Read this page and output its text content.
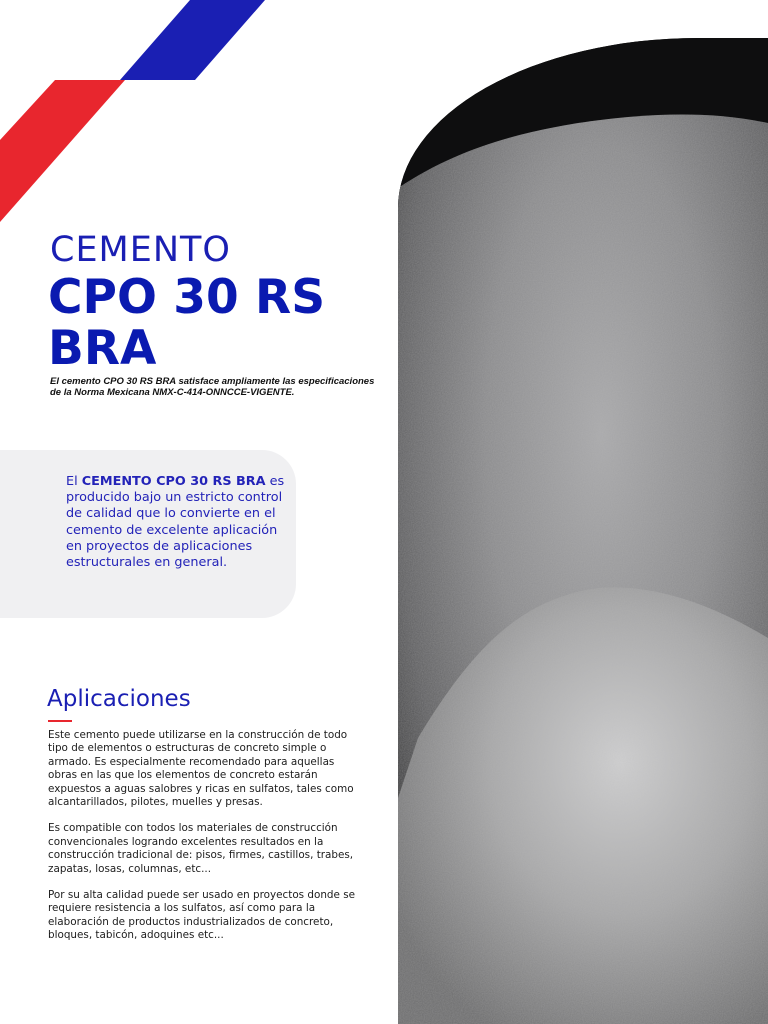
CEMENTO
CPO 30 RS BRA
El cemento CPO 30 RS BRA satisface ampliamente las especificaciones de la Norma Mexicana NMX-C-414-ONNCCE-VIGENTE.
El CEMENTO CPO 30 RS BRA es producido bajo un estricto control de calidad que lo convierte en el cemento de excelente aplicación en proyectos de aplicaciones estructurales en general.
Aplicaciones

Este cemento puede utilizarse en la construcción de todo tipo de elementos o estructuras de concreto simple o armado. Es especialmente recomendado para aquellas obras en las que los elementos de concreto estarán expuestos a aguas salobres y ricas en sulfatos, tales como alcantarillados, pilotes, muelles y presas.

Es compatible con todos los materiales de construcción convencionales logrando excelentes resultados en la construcción tradicional de: pisos, firmes, castillos, trabes, zapatas, losas, columnas, etc...

Por su alta calidad puede ser usado en proyectos donde se requiere resistencia a los sulfatos, así como para la elaboración de productos industrializados de concreto, bloques, tabicón, adoquines etc...
